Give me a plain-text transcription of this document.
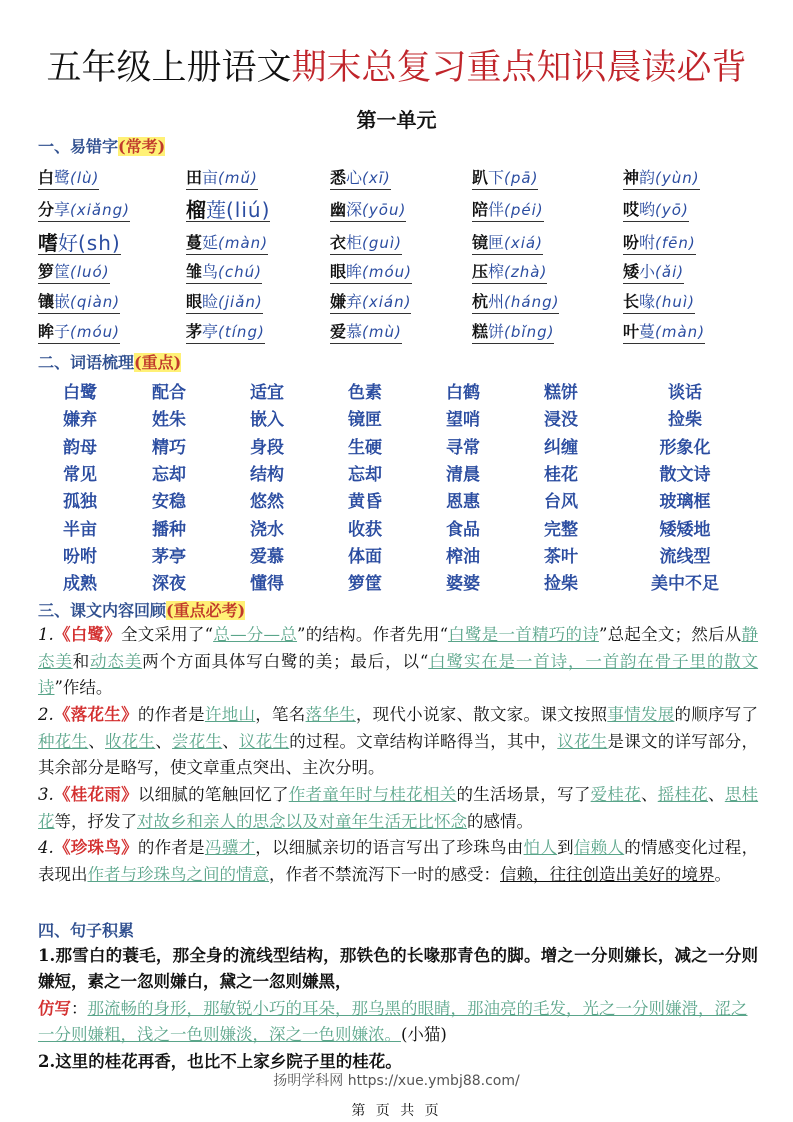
五年级上册语文期末总复习重点知识晨读必背
第一单元
一、易错字(常考)
白鹭(lù)	田亩(mǔ)	悉心(xī)	趴下(pā)	神韵(yùn)
分享(xiǎng)	榴莲(liú)	幽深(yōu)	陪伴(péi)	哎哟(yō)
嗜好(sh)	蔓延(màn)	衣柜(guì)	镜匣(xiá)	吩咐(fēn)
箩筐(luó)	雏鸟(chú)	眼眸(móu)	压榨(zhà)	矮小(ǎi)
镶嵌(qiàn)	眼睑(jiǎn)	嫌弃(xián)	杭州(háng)	长喙(huì)
眸子(móu)	茅亭(tíng)	爱慕(mù)	糕饼(bǐng)	叶蔓(màn)
二、词语梳理(重点)
白鹭	配合	适宜	色素	白鹤	糕饼	谈话
嫌弃	姓朱	嵌入	镜匣	望哨	浸没	捡柴
韵母	精巧	身段	生硬	寻常	纠缠	形象化
常见	忘却	结构	忘却	清晨	桂花	散文诗
孤独	安稳	悠然	黄昏	恩惠	台风	玻璃框
半亩	播种	浇水	收获	食品	完整	矮矮地
吩咐	茅亭	爱慕	体面	榨油	茶叶	流线型
成熟	深夜	懂得	箩筐	婆婆	捡柴	美中不足
三、课文内容回顾(重点必考)
1.《白鹭》全文采用了“总—分—总”的结构。作者先用“白鹭是一首精巧的诗”总起全文；然后从静态美和动态美两个方面具体写白鹭的美；最后，以“白鹭实在是一首诗，一首韵在骨子里的散文诗”作结。
2.《落花生》的作者是许地山，笔名落华生，现代小说家、散文家。课文按照事情发展的顺序写了种花生、收花生、尝花生、议花生的过程。文章结构详略得当，其中，议花生是课文的详写部分，其余部分是略写，使文章重点突出、主次分明。
3.《桂花雨》以细腻的笔触回忆了作者童年时与桂花相关的生活场景，写了爱桂花、摇桂花、思桂花等，抒发了对故乡和亲人的思念以及对童年生活无比怀念的感情。
4.《珍珠鸟》的作者是冯骥才，以细腻亲切的语言写出了珍珠鸟由怕人到信赖人的情感变化过程，表现出作者与珍珠鸟之间的情意，作者不禁流泻下一时的感受：信赖，往往创造出美好的境界。
四、句子积累
1.那雪白的蓑毛，那全身的流线型结构，那铁色的长喙那青色的脚。增之一分则嫌长，减之一分则嫌短，素之一忽则嫌白，黛之一忽则嫌黑，
仿写：那流畅的身形，那敏锐小巧的耳朵，那乌黑的眼睛，那油亮的毛发，光之一分则嫌滑，涩之一分则嫌粗，浅之一色则嫌淡，深之一色则嫌浓。(小猫)
2.这里的桂花再香，也比不上家乡院子里的桂花。
扬明学科网 https://xue.ymbj88.com/
第 页 共 页
